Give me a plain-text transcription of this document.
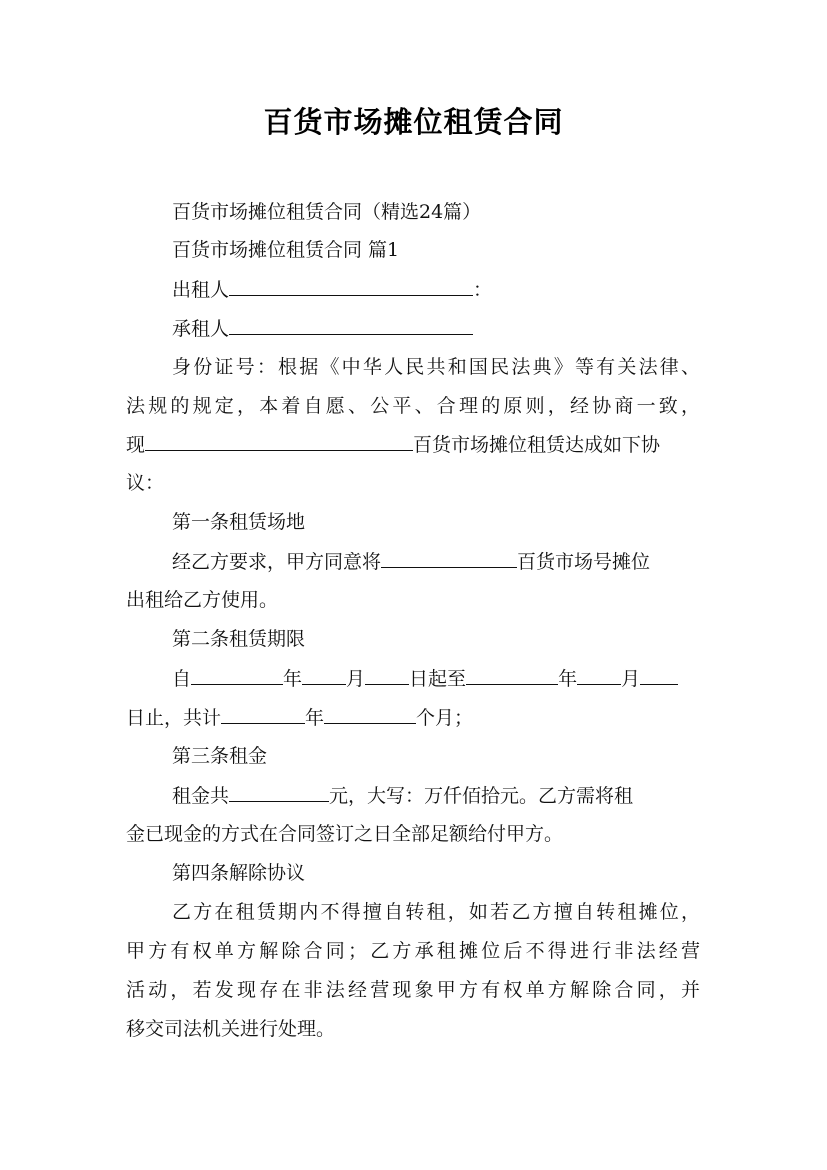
百货市场摊位租赁合同
百货市场摊位租赁合同（精选24篇）
百货市场摊位租赁合同 篇1
出租人	：
承租人
身份证号：根据《中华人民共和国民法典》等有关法律、
法规的规定，本着自愿、公平、合理的原则，经协商一致，
现	百货市场摊位租赁达成如下协
议：
第一条租赁场地
经乙方要求，甲方同意将	百货市场号摊位
出租给乙方使用。
第二条租赁期限
自	年 月 日起至	年 月
日止，共计	年	个月；
第三条租金
租金共	元，大写：万仟佰拾元。乙方需将租
金已现金的方式在合同签订之日全部足额给付甲方。
第四条解除协议
乙方在租赁期内不得擅自转租，如若乙方擅自转租摊位，
甲方有权单方解除合同；乙方承租摊位后不得进行非法经营
活动，若发现存在非法经营现象甲方有权单方解除合同，并
移交司法机关进行处理。
